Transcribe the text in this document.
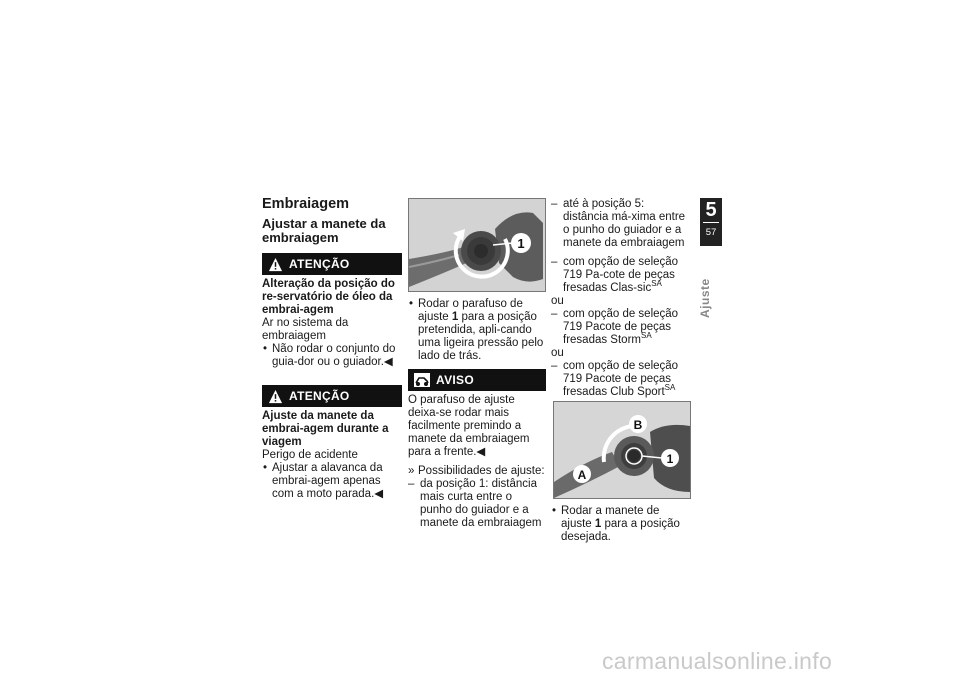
Embraiagem
Ajustar a manete da embraiagem
ATENÇÃO

Alteração da posição do re-servatório de óleo da embrai-agem

Ar no sistema da embraiagem

• Não rodar o conjunto do guia-dor ou o guiador.◀

ATENÇÃO

Ajuste da manete da embrai-agem durante a viagem

Perigo de acidente

• Ajustar a alavanca da embrai-agem apenas com a moto parada.◀

1

• Rodar o parafuso de ajuste 1 para a posição pretendida, apli-cando uma ligeira pressão pelo lado de trás.

AVISO

O parafuso de ajuste deixa-se rodar mais facilmente premindo a manete da embraiagem para a frente.◀

» Possibilidades de ajuste:

– da posição 1: distância mais curta entre o punho do guiador e a manete da embraiagem

– até à posição 5: distância má-xima entre o punho do guiador e a manete da embraiagem

– com opção de seleção 719 Pa-cote de peças fresadas Clas-sic$^{SA}$

ou

– com opção de seleção 719 Pacote de peças fresadas Storm$^{SA}$

ou

– com opção de seleção 719 Pacote de peças fresadas Club Sport$^{SA}$

B
A
1

• Rodar a manete de ajuste 1 para a posição desejada.

5
57
Ajuste
carmanualsonline.info
